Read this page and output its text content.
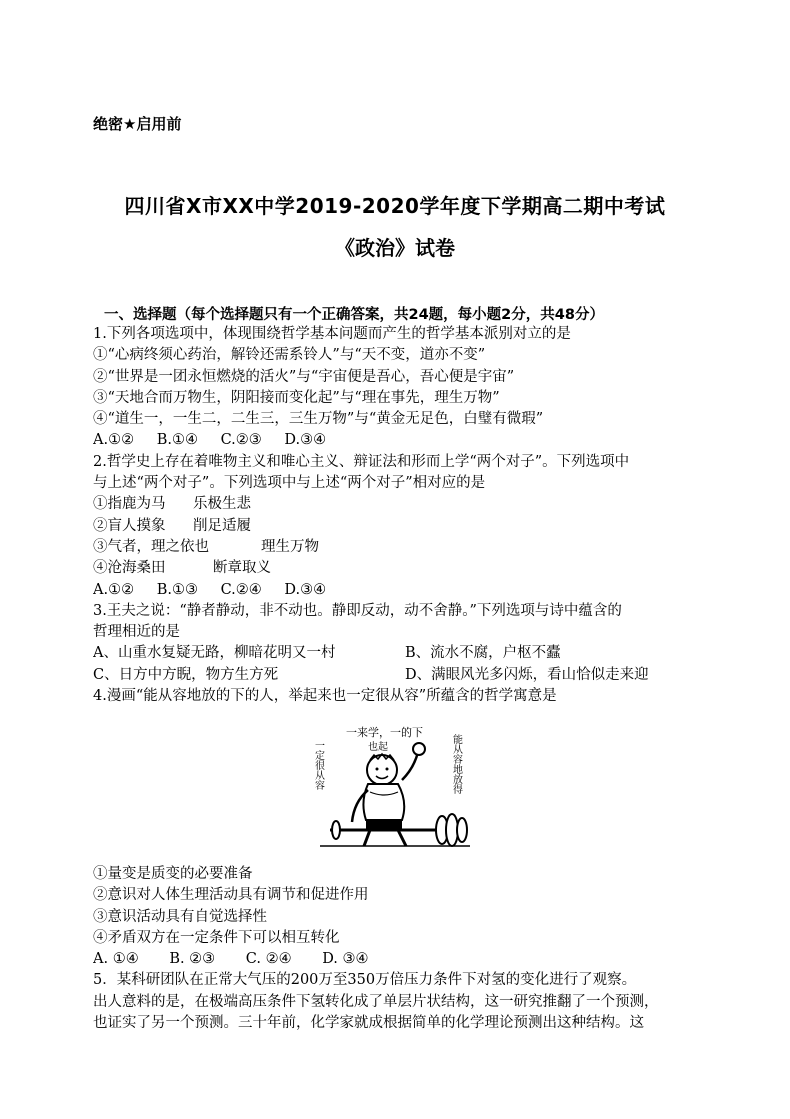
绝密★启用前
四川省X市XX中学2019-2020学年度下学期高二期中考试
《政治》试卷
一、选择题（每个选择题只有一个正确答案，共24题，每小题2分，共48分）
1.下列各项选项中，体现围绕哲学基本问题而产生的哲学基本派别对立的是
①“心病终须心药治，解铃还需系铃人”与“天不变，道亦不变”
②“世界是一团永恒燃烧的活火”与“宇宙便是吾心，吾心便是宇宙”
③“天地合而万物生，阴阳接而变化起”与“理在事先，理生万物”
④“道生一，一生二，二生三，三生万物”与“黄金无足色，白璧有微瑕”
A.①② B.①④ C.②③ D.③④
2.哲学史上存在着唯物主义和唯心主义、辩证法和形而上学“两个对子”。下列选项中
与上述“两个对子”。下列选项中与上述“两个对子”相对应的是
①指鹿为马 乐极生悲
②盲人摸象 削足适履
③气者，理之依也	理生万物
④沧海桑田	断章取义
A.①② B.①③ C.②④ D.③④
3.王夫之说：“静者静动，非不动也。静即反动，动不舍静。”下列选项与诗中蕴含的
哲理相近的是
A、山重水复疑无路，柳暗花明又一村	B、流水不腐，户枢不蠹
C、日方中方睨，物方生方死	D、满眼风光多闪烁，看山恰似走来迎
4.漫画“能从容地放的下的人，举起来也一定很从容”所蕴含的哲学寓意是
一来学，一的下
也起	能从容地放得
一定很从容
①量变是质变的必要准备
②意识对人体生理活动具有调节和促进作用
③意识活动具有自觉选择性
④矛盾双方在一定条件下可以相互转化
A. ①④ B. ②③ C. ②④ D. ③④
5．某科研团队在正常大气压的200万至350万倍压力条件下对氢的变化进行了观察。
出人意料的是，在极端高压条件下氢转化成了单层片状结构，这一研究推翻了一个预测，
也证实了另一个预测。三十年前，化学家就成根据简单的化学理论预测出这种结构。这
